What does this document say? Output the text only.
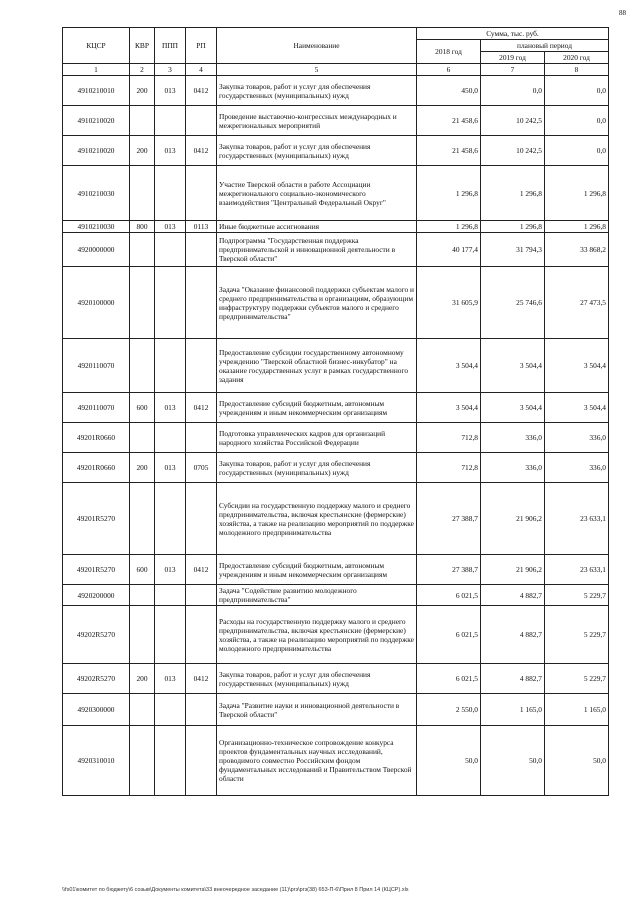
88
КЦСР	КВР	ППП	РП	Наименование	Сумма, тыс. руб.		
					2018 год	плановый период	
						2019 год	2020 год
1	2	3	4	5	6	7	8
4910210010	200	013	0412	Закупка товаров, работ и услуг для обеспечения государственных (муниципальных) нужд	450,0	0,0	0,0
4910210020				Проведение выставочно-конгрессных международных и межрегиональных мероприятий	21 458,6	10 242,5	0,0
4910210020	200	013	0412	Закупка товаров, работ и услуг для обеспечения государственных (муниципальных) нужд	21 458,6	10 242,5	0,0
4910210030				Участие Тверской области в работе Ассоциации межрегионального социально-экономического взаимодействия "Центральный Федеральный Округ"	1 296,8	1 296,8	1 296,8
4910210030	800	013	0113	Иные бюджетные ассигнования	1 296,8	1 296,8	1 296,8
4920000000				Подпрограмма "Государственная поддержка предпринимательской и инновационной деятельности в Тверской области"	40 177,4	31 794,3	33 868,2
4920100000				Задача "Оказание финансовой поддержки субъектам малого и среднего предпринимательства и организациям, образующим инфраструктуру поддержки субъектов малого и среднего предпринимательства"	31 605,9	25 746,6	27 473,5
4920110070				Предоставление субсидии государственному автономному учреждению "Тверской областной бизнес-инкубатор" на оказание государственных услуг в рамках государственного задания	3 504,4	3 504,4	3 504,4
4920110070	600	013	0412	Предоставление субсидий бюджетным, автономным учреждениям и иным некоммерческим организациям	3 504,4	3 504,4	3 504,4
49201R0660				Подготовка управленческих кадров для организаций народного хозяйства Российской Федерации	712,8	336,0	336,0
49201R0660	200	013	0705	Закупка товаров, работ и услуг для обеспечения государственных (муниципальных) нужд	712,8	336,0	336,0
49201R5270				Субсидии на государственную поддержку малого и среднего предпринимательства, включая крестьянские (фермерские) хозяйства, а также на реализацию мероприятий по поддержке молодежного предпринимательства	27 388,7	21 906,2	23 633,1
49201R5270	600	013	0412	Предоставление субсидий бюджетным, автономным учреждениям и иным некоммерческим организациям	27 388,7	21 906,2	23 633,1
4920200000				Задача "Содействие развитию молодежного предпринимательства"	6 021,5	4 882,7	5 229,7
49202R5270				Расходы на государственную поддержку малого и среднего предпринимательства, включая крестьянские (фермерские) хозяйства, а также на реализацию мероприятий по поддержке молодежного предпринимательства	6 021,5	4 882,7	5 229,7
49202R5270	200	013	0412	Закупка товаров, работ и услуг для обеспечения государственных (муниципальных) нужд	6 021,5	4 882,7	5 229,7
4920300000				Задача "Развитие науки и инновационной деятельности в Тверской области"	2 550,0	1 165,0	1 165,0
4920310010				Организационно-техническое сопровождение конкурса проектов фундаментальных научных исследований, проводимого совместно Российским фондом фундаментальных исследований и Правительством Тверской области	50,0	50,0	50,0
\\fs01\комитет по бюджету\6 созыв\Документы комитета\33 внеочередное заседание (11)\ргз\ргз(38) 653-П-6\Прил 8 Прил 14 (КЦСР).xls
